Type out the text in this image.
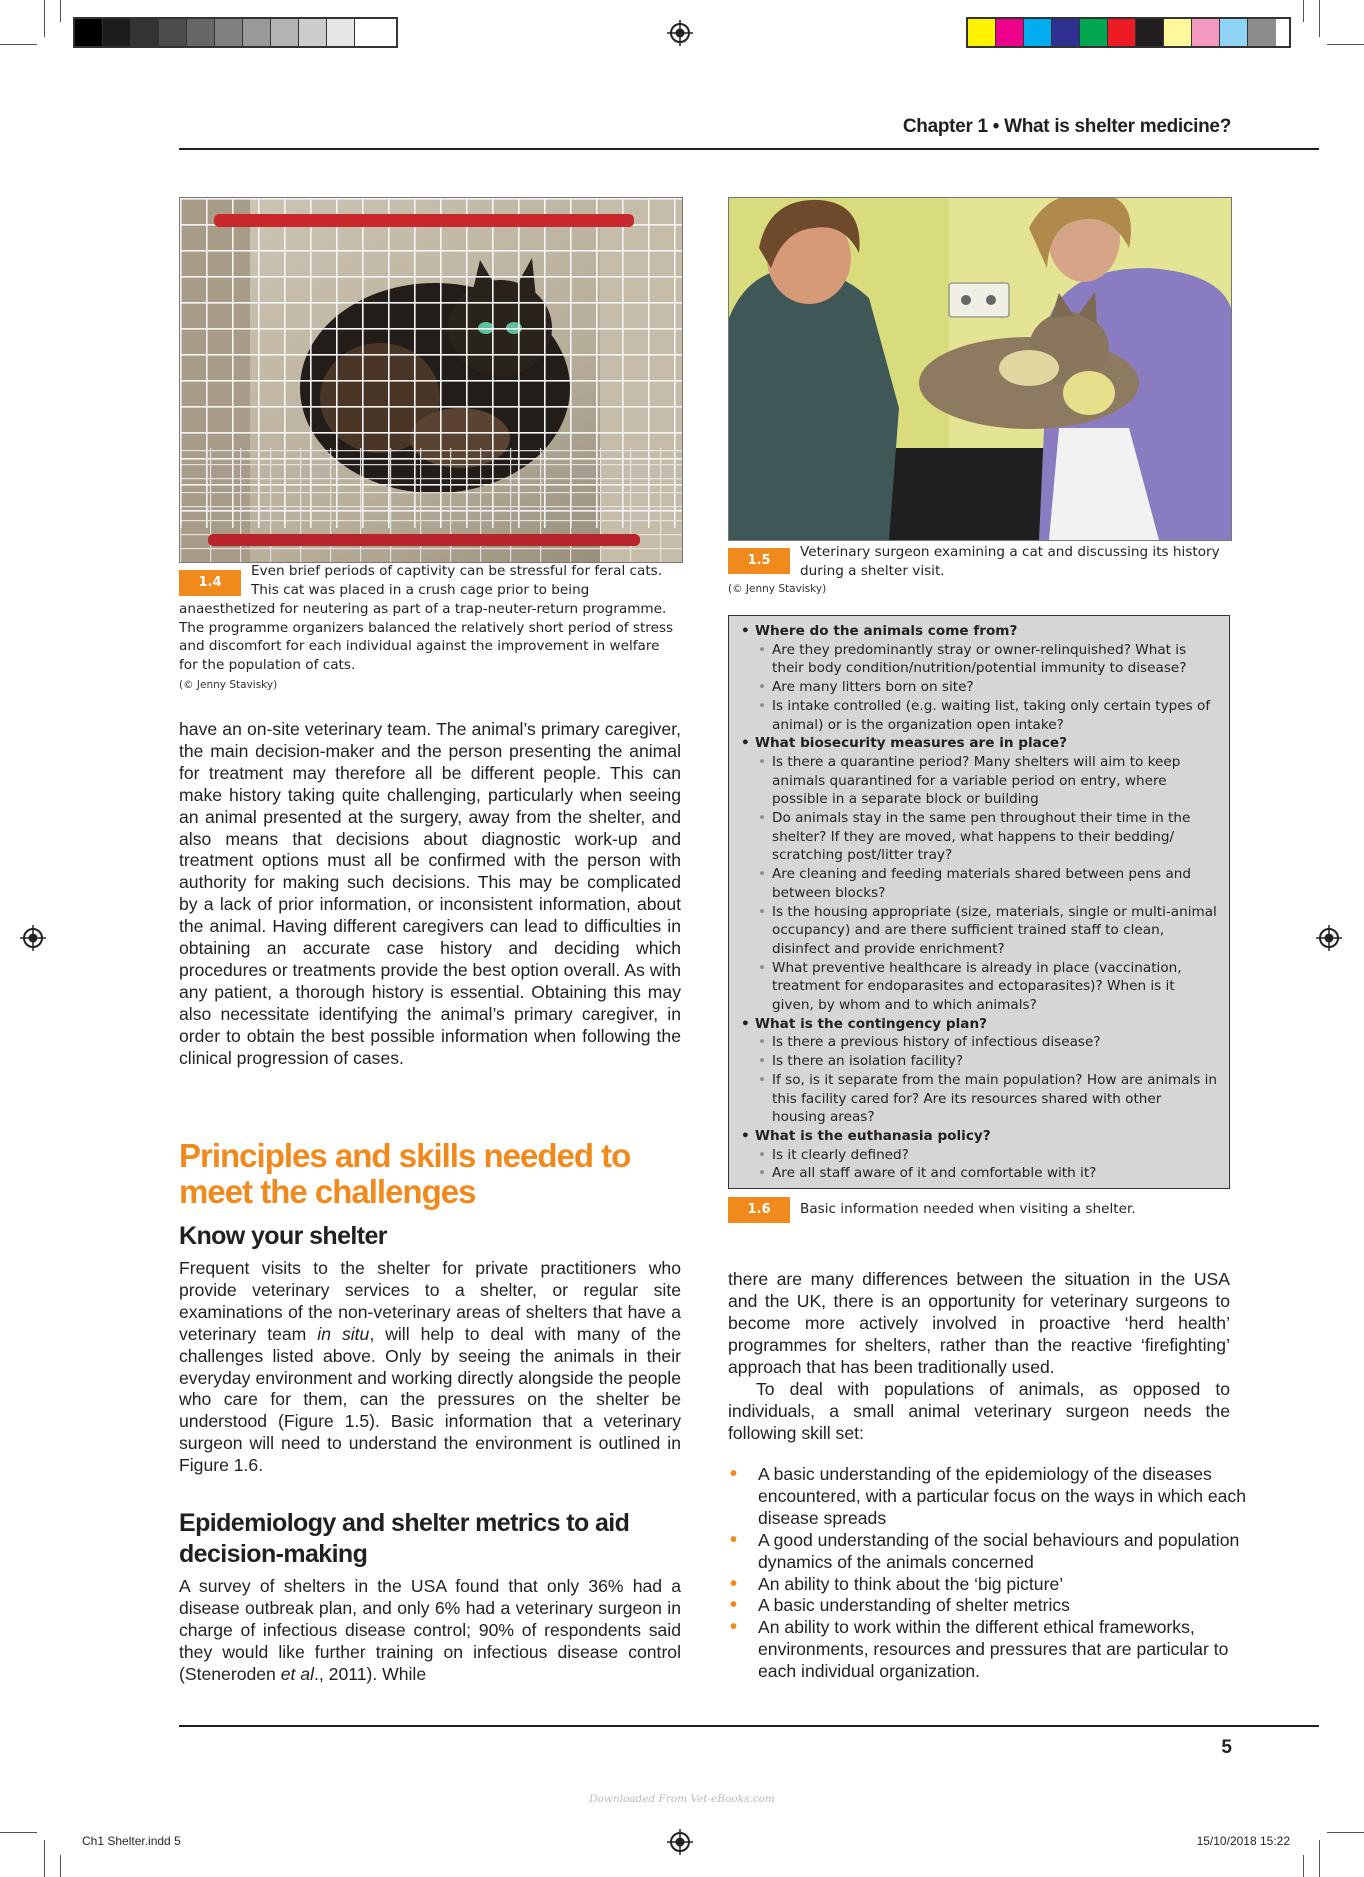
Chapter 1 • What is shelter medicine?
1.4
Even brief periods of captivity can be stressful for feral cats. This cat was placed in a crush cage prior to being
anaesthetized for neutering as part of a trap-neuter-return programme. The programme organizers balanced the relatively short period of stress and discomfort for each individual against the improvement in welfare for the population of cats.
(© Jenny Stavisky)
1.5
Veterinary surgeon examining a cat and discussing its history during a shelter visit.
(© Jenny Stavisky)
• Where do the animals come from?
• Are they predominantly stray or owner-relinquished? What is their body condition/nutrition/potential immunity to disease?
• Are many litters born on site?
• Is intake controlled (e.g. waiting list, taking only certain types of animal) or is the organization open intake?
• What biosecurity measures are in place?
• Is there a quarantine period? Many shelters will aim to keep animals quarantined for a variable period on entry, where possible in a separate block or building
• Do animals stay in the same pen throughout their time in the shelter? If they are moved, what happens to their bedding/ scratching post/litter tray?
• Are cleaning and feeding materials shared between pens and between blocks?
• Is the housing appropriate (size, materials, single or multi-animal occupancy) and are there sufficient trained staff to clean, disinfect and provide enrichment?
• What preventive healthcare is already in place (vaccination, treatment for endoparasites and ectoparasites)? When is it given, by whom and to which animals?
• What is the contingency plan?
• Is there a previous history of infectious disease?
• Is there an isolation facility?
• If so, is it separate from the main population? How are animals in this facility cared for? Are its resources shared with other housing areas?
• What is the euthanasia policy?
• Is it clearly defined?
• Are all staff aware of it and comfortable with it?
1.6	Basic information needed when visiting a shelter.

have an on-site veterinary team. The animal’s primary caregiver, the main decision-maker and the person presenting the animal for treatment may therefore all be different people. This can make history taking quite challenging, particularly when seeing an animal presented at the surgery, away from the shelter, and also means that decisions about diagnostic work-up and treatment options must all be confirmed with the person with authority for making such decisions. This may be complicated by a lack of prior information, or inconsistent information, about the animal. Having different caregivers can lead to difficulties in obtaining an accurate case history and deciding which procedures or treatments provide the best option overall. As with any patient, a thorough history is essential. Obtaining this may also necessitate identifying the animal’s primary caregiver, in order to obtain the best possible information when following the clinical progression of cases.

Principles and skills needed to meet the challenges
Know your shelter

Frequent visits to the shelter for private practitioners who provide veterinary services to a shelter, or regular site examinations of the non-veterinary areas of shelters that have a veterinary team in situ, will help to deal with many of the challenges listed above. Only by seeing the animals in their everyday environment and working directly alongside the people who care for them, can the pressures on the shelter be understood (Figure 1.5). Basic information that a veterinary surgeon will need to understand the environment is outlined in Figure 1.6.

Epidemiology and shelter metrics to aid decision-making

A survey of shelters in the USA found that only 36% had a disease outbreak plan, and only 6% had a veterinary surgeon in charge of infectious disease control; 90% of respondents said they would like further training on infectious disease control (Steneroden et al., 2011). While

there are many differences between the situation in the USA and the UK, there is an opportunity for veterinary surgeons to become more actively involved in proactive ‘herd health’ programmes for shelters, rather than the reactive ‘firefighting’ approach that has been traditionally used.

To deal with populations of animals, as opposed to individuals, a small animal veterinary surgeon needs the following skill set:

• A basic understanding of the epidemiology of the diseases encountered, with a particular focus on the ways in which each disease spreads
• A good understanding of the social behaviours and population dynamics of the animals concerned
• An ability to think about the ‘big picture’
• A basic understanding of shelter metrics
• An ability to work within the different ethical frameworks, environments, resources and pressures that are particular to each individual organization.
5
Downloaded From Vet-eBooks.com
Ch1 Shelter.indd 5	15/10/2018 15:22
